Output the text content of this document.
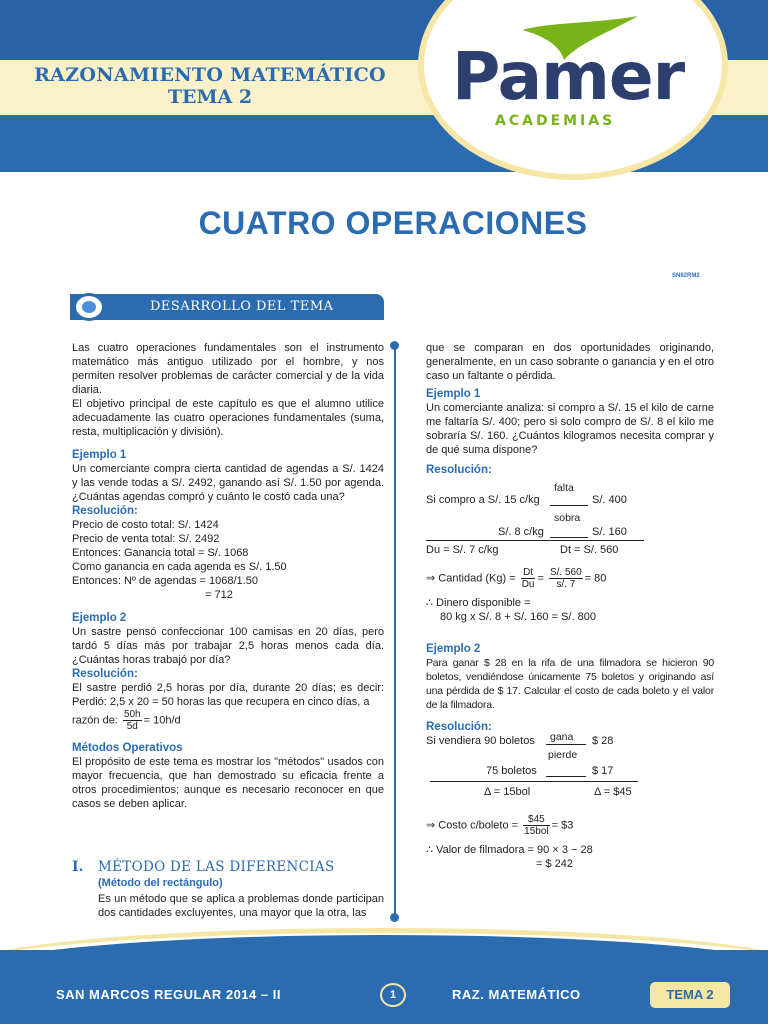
RAZONAMIENTO MATEMÁTICO
TEMA 2	Pamer
ACADEMIAS
CUATRO OPERACIONES
SNII2RM2
DESARROLLO DEL TEMA

Las cuatro operaciones fundamentales son el instrumento matemático más antiguo utilizado por el hombre, y nos permiten resolver problemas de carácter comercial y de la vida diaria.

El objetivo principal de este capítulo es que el alumno utilice adecuadamente las cuatro operaciones fundamentales (suma, resta, multiplicación y división).

Ejemplo 1

Un comerciante compra cierta cantidad de agendas a S/. 1424 y las vende todas a S/. 2492, ganando así S/. 1.50 por agenda. ¿Cuántas agendas compró y cuánto le costó cada una?

Resolución:

Precio de costo total: S/. 1424

Precio de venta total: S/. 2492

Entonces: Ganancia total = S/. 1068

Como ganancia en cada agenda es S/. 1.50

Entonces: Nº de agendas = 1068/1.50

= 712

Ejemplo 2

Un sastre pensó confeccionar 100 camisas en 20 días, pero tardó 5 días más por trabajar 2,5 horas menos cada día. ¿Cuántas horas trabajó por día?

Resolución:

El sastre perdió 2,5 horas por día, durante 20 días; es decir: Perdió: 2,5 x 20 = 50 horas las que recupera en cinco días, a

razón de: $\frac{50h}{5d} = 10h/d$

Métodos Operativos

El propósito de este tema es mostrar los "métodos" usados con mayor frecuencia, que han demostrado su eficacia frente a otros procedimientos; aunque es necesario reconocer en que casos se deben aplicar.

I. MÉTODO DE LAS DIFERENCIAS
(Método del rectángulo)
Es un método que se aplica a problemas donde participan dos cantidades excluyentes, una mayor que la otra, las

que se comparan en dos oportunidades originando, generalmente, en un caso sobrante o ganancia y en el otro caso un faltante o pérdida.

Ejemplo 1

Un comerciante analiza: si compro a S/. 15 el kilo de carne me faltaría S/. 400; pero si solo compro de S/. 8 el kilo me sobraría S/. 160. ¿Cuántos kilogramos necesita comprar y de qué suma dispone?

Resolución:

falta
Si compro a S/. 15 c/kg	S/. 400
sobra
S/. 8 c/kg	S/. 160
Du = S/. 7 c/kg	Dt = S/. 560

⇒ Cantidad $(Kg) = \frac{Dt}{Du} = \frac{S/. 560}{s/. 7} = 80$

∴ Dinero disponible =

80 kg x S/. 8 + S/. 160 = S/. 800

Ejemplo 2

Para ganar $ 28 en la rifa de una filmadora se hicieron 90 boletos, vendiéndose únicamente 75 boletos y originando así una pérdida de $ 17. Calcular el costo de cada boleto y el valor de la filmadora.

Resolución:

Si vendiera 90 boletos gana $ 28
pierde
75 boletos	$ 17
Δ = 15bol	Δ = $45

⇒ Costo c/boleto = $\frac{\$45}{\text{15bol}}$ = $3

∴ Valor de filmadora = 90 × 3 − 28

= $ 242

SAN MARCOS REGULAR 2014 – II	1	RAZ. MATEMÁTICO	TEMA 2
